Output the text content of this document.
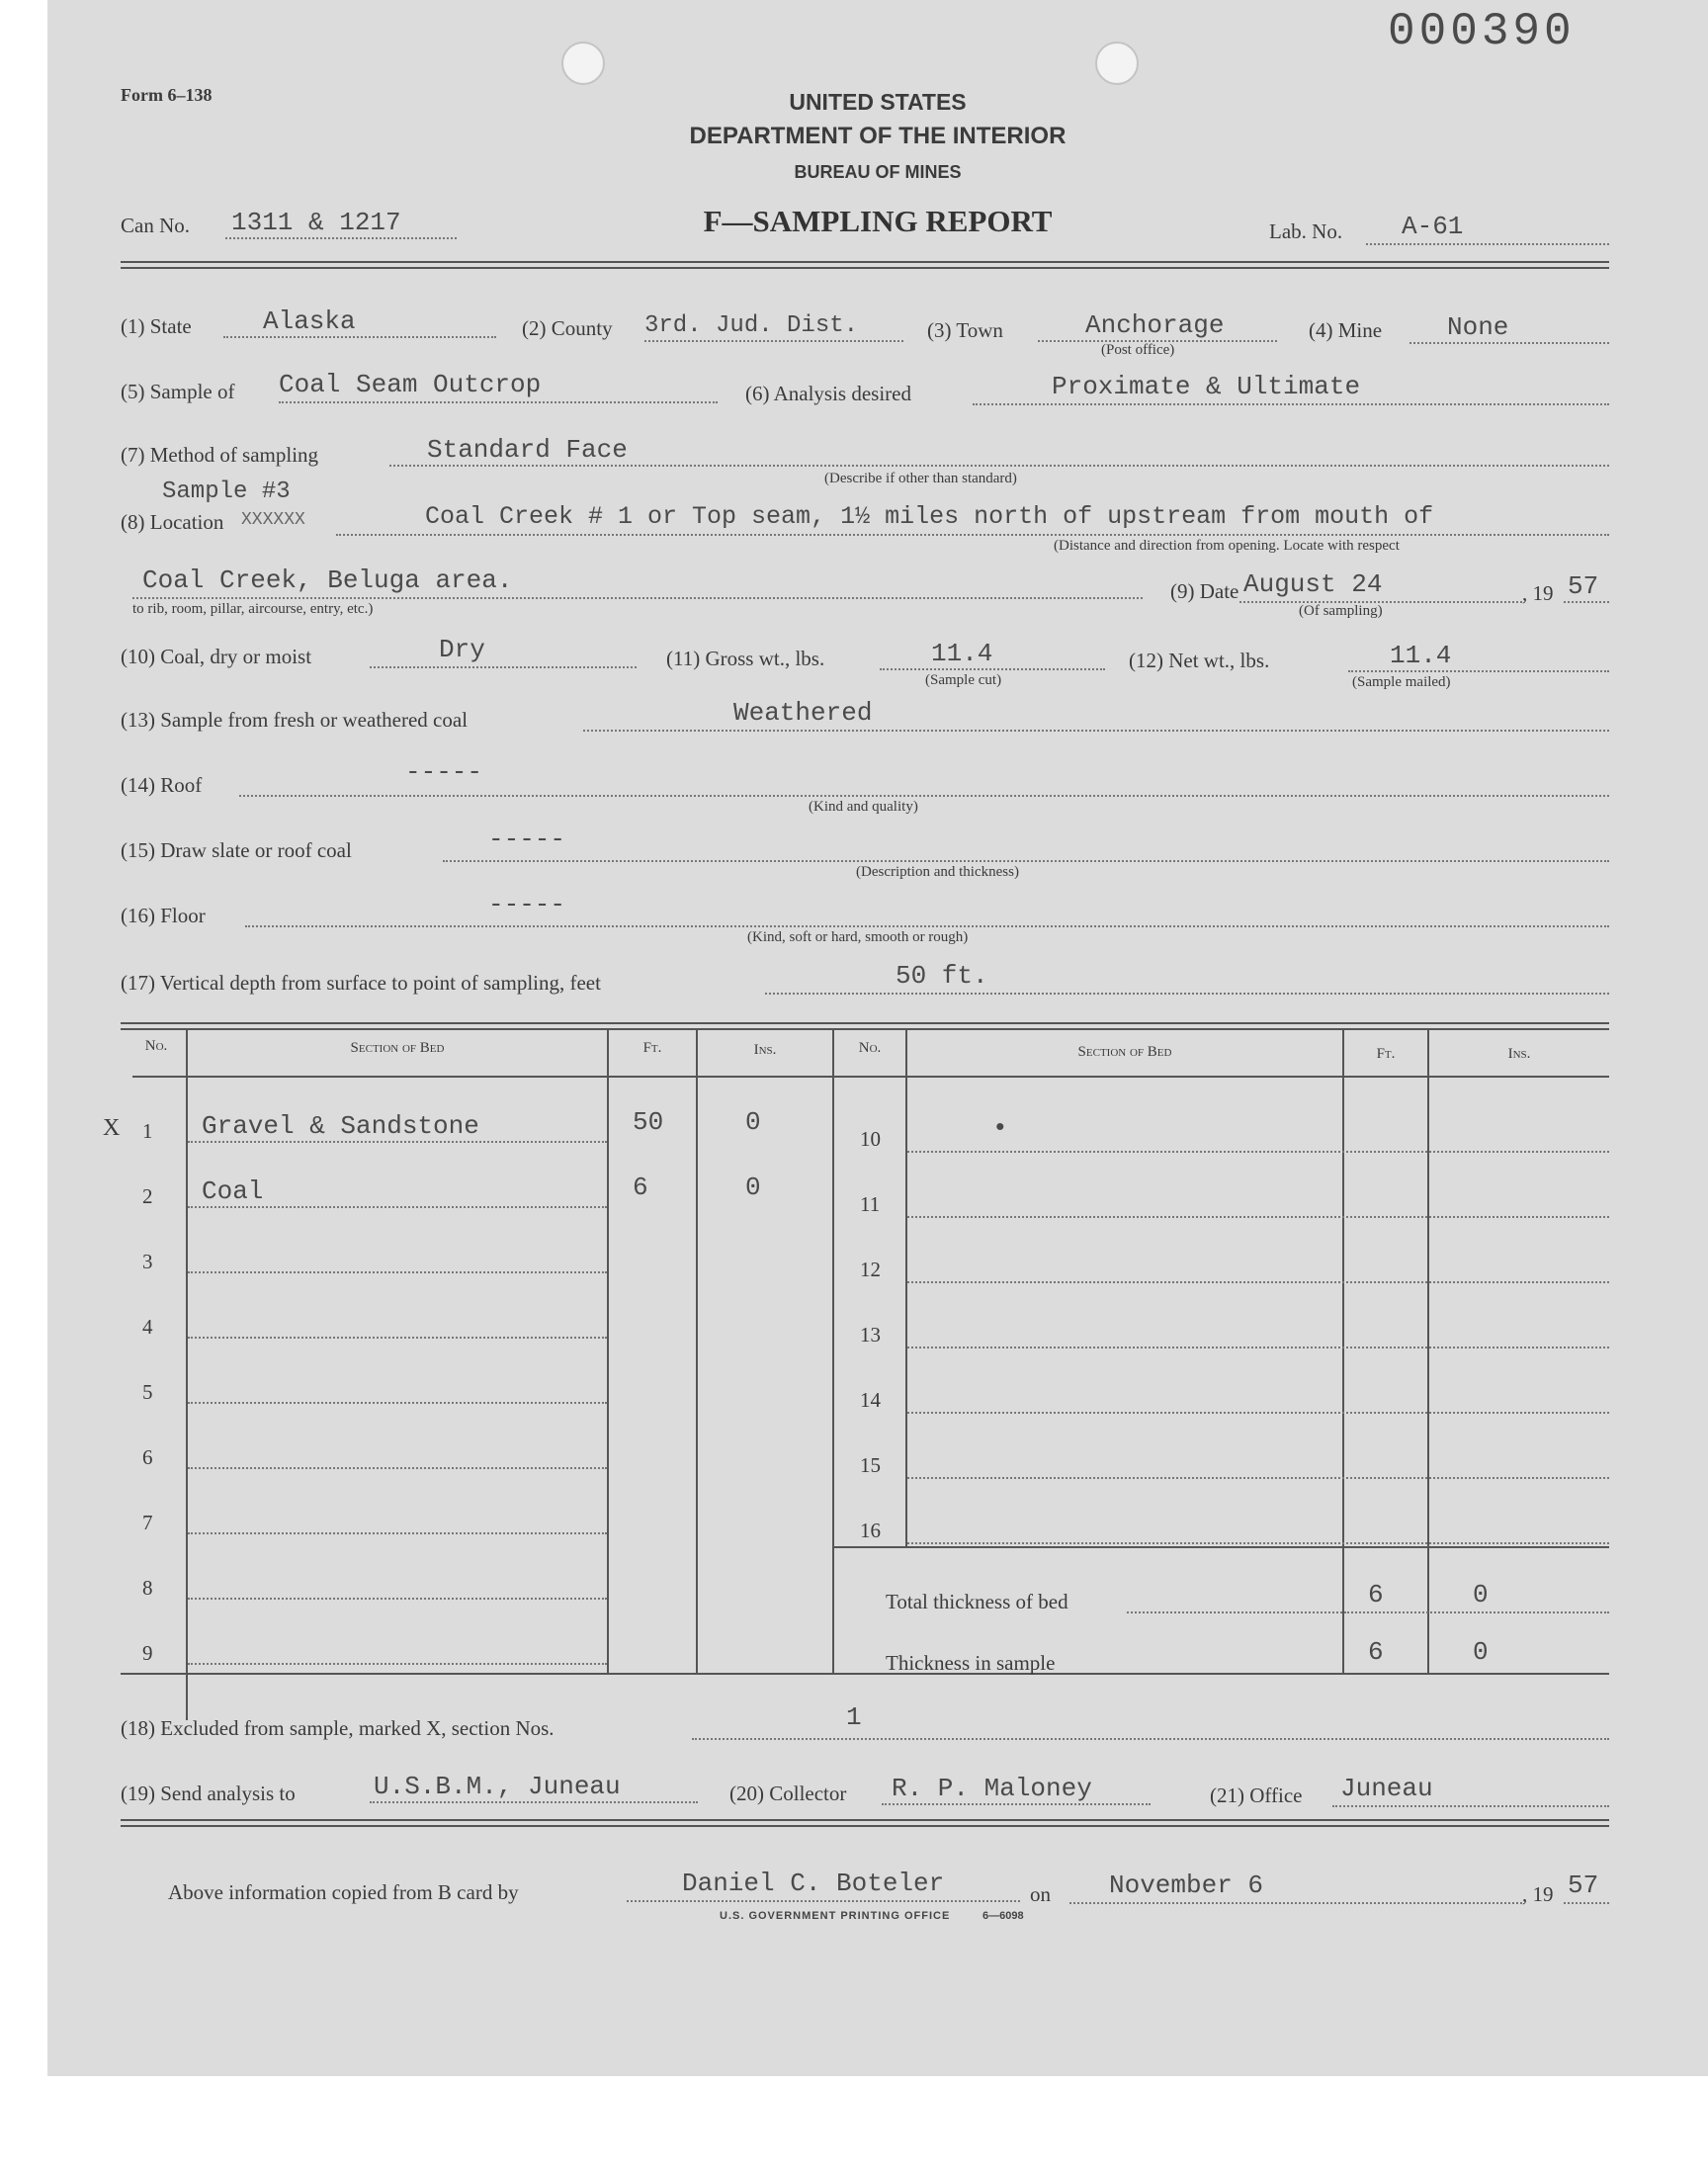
000390
Form 6–138	UNITED STATES
DEPARTMENT OF THE INTERIOR
BUREAU OF MINES
Can No. 1311 & 1217	F—SAMPLING REPORT	Lab. No. A-61
(1) State	Alaska	(2) County 3rd. Jud. Dist.	(3) Town	Anchorage
(Post office)
(4) Mine	None
(5) Sample of Coal Seam Outcrop	(6) Analysis desired	Proximate & Ultimate
(7) Method of sampling	Standard Face
(Describe if other than standard)
Sample #3
(8) Location XXXXXX	Coal Creek # 1 or Top seam, 1½ miles north of upstream from mouth of
(Distance and direction from opening. Locate with respect
Coal Creek, Beluga area.
to rib, room, pillar, aircourse, entry, etc.)
(9) Date August 24	, 19 57
(Of sampling)
(10) Coal, dry or moist	Dry	(11) Gross wt., lbs.	11.4
(Sample cut)
(12) Net wt., lbs.	11.4
(Sample mailed)
(13) Sample from fresh or weathered coal	Weathered
(14) Roof	-----
(Kind and quality)
(15) Draw slate or roof coal	-----
(Description and thickness)
(16) Floor	-----
(Kind, soft or hard, smooth or rough)
(17) Vertical depth from surface to point of sampling, feet	50 ft.
No.	Section of Bed	Ft.	Ins.	No.	Section of Bed	Ft.	Ins.
X 1 Gravel & Sandstone	50	0
2 Coal	6	0
3
4
5
6
7
8
9
10	•
11
12
13
14
15
16
Total thickness of bed	6	0
Thickness in sample	6	0
(18) Excluded from sample, marked X, section Nos.	1
(19) Send analysis to	U.S.B.M., Juneau	(20) Collector R. P. Maloney	(21) Office Juneau
Above information copied from B card by	Daniel C. Boteler	on November 6	, 19 57
U.S. GOVERNMENT PRINTING OFFICE	6—6098
